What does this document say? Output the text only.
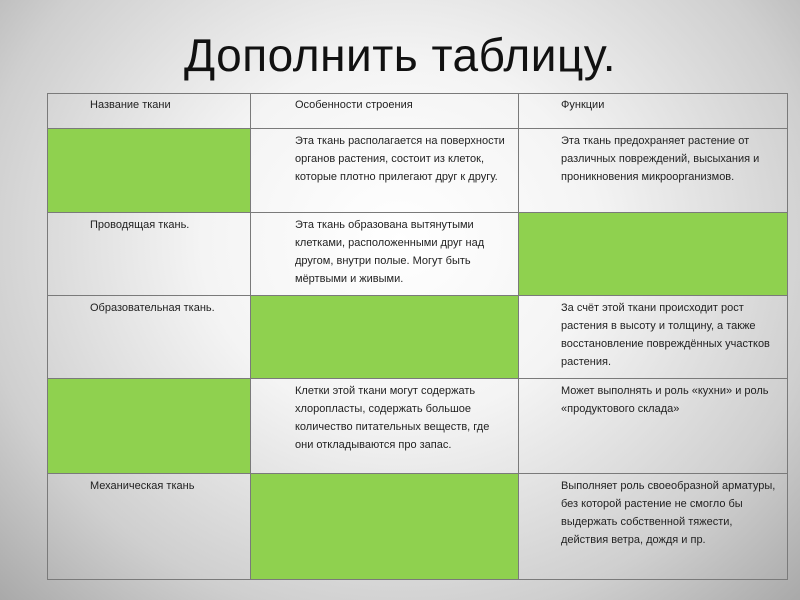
Дополнить таблицу.
Название ткани	Особенности строения	Функции
	Эта ткань располагается на поверхности органов растения, состоит из клеток, которые плотно прилегают друг к другу.	Эта ткань предохраняет растение от различных повреждений, высыхания и проникновения микроорганизмов.
Проводящая ткань.	Эта ткань образована вытянутыми клетками, расположенными друг над другом, внутри полые. Могут быть мёртвыми и живыми.	
Образовательная ткань.		За счёт этой ткани происходит рост растения в высоту и толщину, а также восстановление повреждённых участков растения.
	Клетки этой ткани могут содержать хлоропласты, содержать большое количество питательных веществ, где они откладываются про запас.	Может выполнять и роль «кухни» и роль «продуктового склада»
Механическая ткань		Выполняет роль своеобразной арматуры, без которой растение не смогло бы выдержать собственной тяжести, действия ветра, дождя и пр.
